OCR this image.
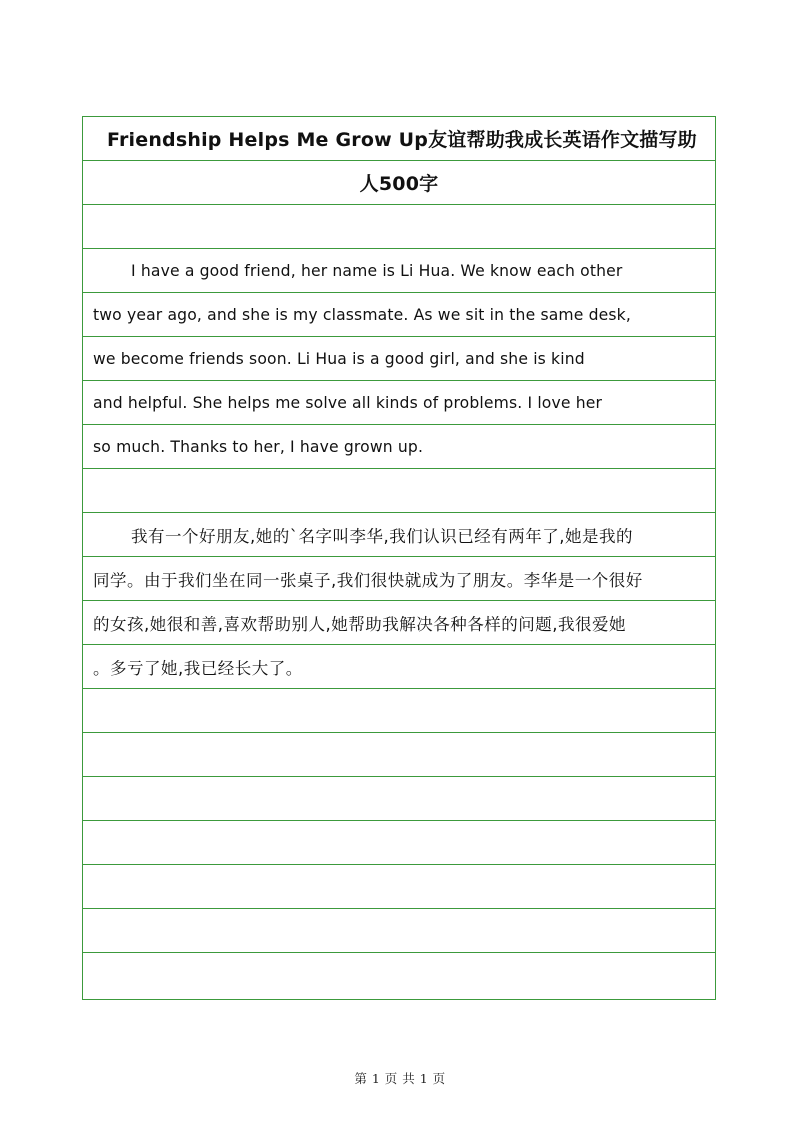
Friendship Helps Me Grow Up友谊帮助我成长英语作文描写助
人500字
I have a good friend, her name is Li Hua. We know each other
two year ago, and she is my classmate. As we sit in the same desk,
we become friends soon. Li Hua is a good girl, and she is kind
and helpful. She helps me solve all kinds of problems. I love her
so much. Thanks to her, I have grown up.
我有一个好朋友,她的`名字叫李华,我们认识已经有两年了,她是我的
同学。由于我们坐在同一张桌子,我们很快就成为了朋友。李华是一个很好
的女孩,她很和善,喜欢帮助别人,她帮助我解决各种各样的问题,我很爱她
。多亏了她,我已经长大了。
第 1 页 共 1 页
